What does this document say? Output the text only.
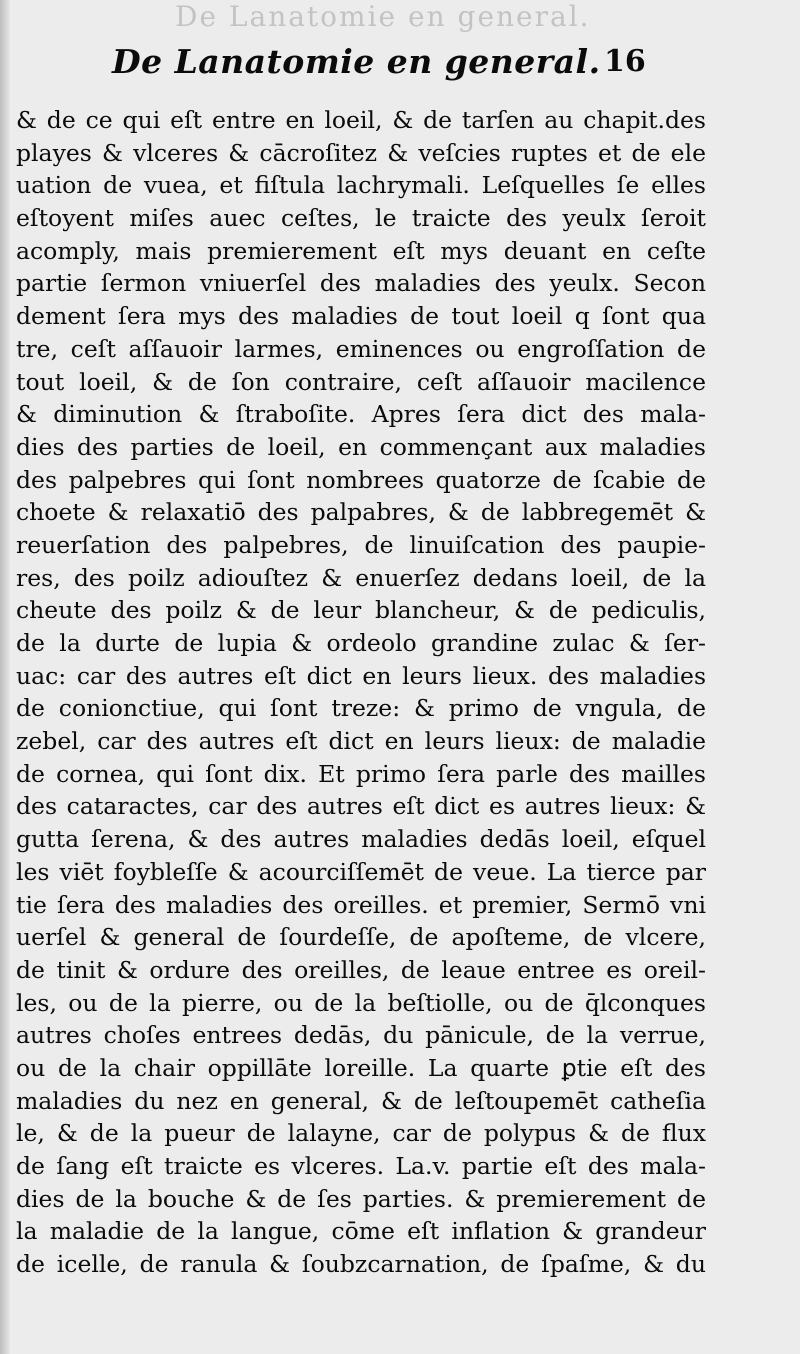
De Lanatomie en general.
De Lanatomie en general. 16
& de ce qui eſt entre en loeil, & de tarſen au chapit.des
playes & vlceres & cācroſitez & veſcies ruptes et de ele
uation de vuea, et fiſtula lachrymali. Leſquelles ſe elles
eſtoyent miſes auec ceſtes, le traicte des yeulx ſeroit
acomply, mais premierement eſt mys deuant en ceſte
partie ſermon vniuerſel des maladies des yeulx. Secon
dement ſera mys des maladies de tout loeil q ſont qua
tre, ceſt aſſauoir larmes, eminences ou engroſſation de
tout loeil, & de ſon contraire, ceſt aſſauoir macilence
& diminution & ſtraboſite. Apres ſera dict des mala-
dies des parties de loeil, en commençant aux maladies
des palpebres qui ſont nombrees quatorze de ſcabie de
choete & relaxatiō des palpabres, & de labbregemēt &
reuerſation des palpebres, de linuiſcation des paupie-
res, des poilz adiouſtez & enuerſez dedans loeil, de la
cheute des poilz & de leur blancheur, & de pediculis,
de la durte de lupia & ordeolo grandine zulac & ſer-
uac: car des autres eſt dict en leurs lieux. des maladies
de conionctiue, qui ſont treze: & primo de vngula, de
zebel, car des autres eſt dict en leurs lieux: de maladie
de cornea, qui ſont dix. Et primo ſera parle des mailles
des cataractes, car des autres eſt dict es autres lieux: &
gutta ſerena, & des autres maladies dedās loeil, eſquel
les viēt foybleſſe & acourciſſemēt de veue. La tierce par
tie ſera des maladies des oreilles. et premier, Sermō vni
uerſel & general de ſourdeſſe, de apoſteme, de vlcere,
de tinit & ordure des oreilles, de leaue entree es oreil-
les, ou de la pierre, ou de la beſtiolle, ou de q̄lconques
autres choſes entrees dedās, du pānicule, de la verrue,
ou de la chair oppillāte loreille. La quarte ꝑtie eſt des
maladies du nez en general, & de leſtoupemēt catheſia
le, & de la pueur de lalayne, car de polypus & de flux
de ſang eſt traicte es vlceres. La.v. partie eſt des mala-
dies de la bouche & de ſes parties. & premierement de
la maladie de la langue, cōme eſt inflation & grandeur
de icelle, de ranula & ſoubzcarnation, de ſpaſme, & du
